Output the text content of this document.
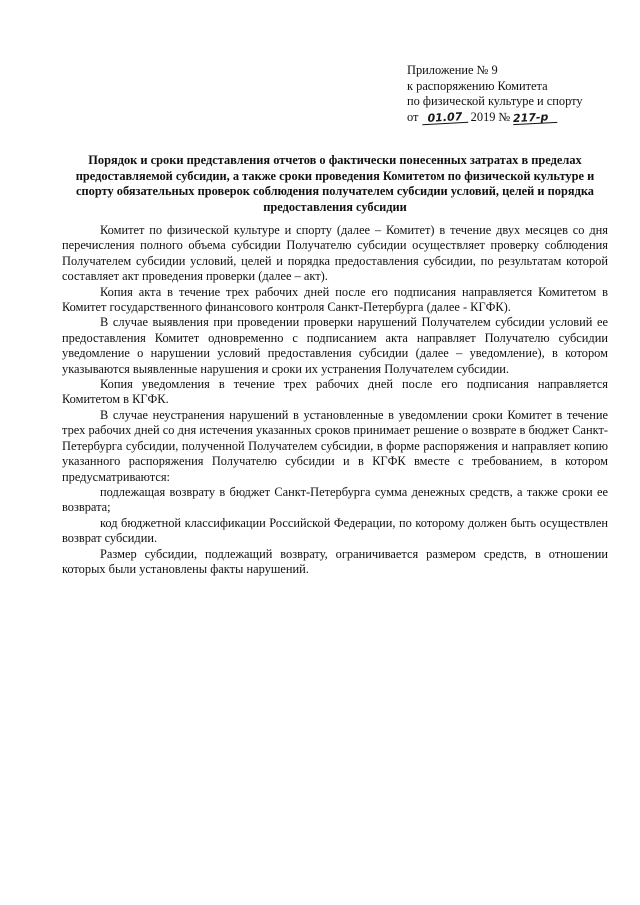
Приложение № 9
к распоряжению Комитета
по физической культуре и спорту
от 01.07 2019 № 217-р
Порядок и сроки представления отчетов о фактически понесенных затратах в пределах предоставляемой субсидии, а также сроки проведения Комитетом по физической культуре и спорту обязательных проверок соблюдения получателем субсидии условий, целей и порядка предоставления субсидии

Комитет по физической культуре и спорту (далее – Комитет) в течение двух месяцев со дня перечисления полного объема субсидии Получателю субсидии осуществляет проверку соблюдения Получателем субсидии условий, целей и порядка предоставления субсидии, по результатам которой составляет акт проведения проверки (далее – акт).

Копия акта в течение трех рабочих дней после его подписания направляется Комитетом в Комитет государственного финансового контроля Санкт-Петербурга (далее - КГФК).

В случае выявления при проведении проверки нарушений Получателем субсидии условий ее предоставления Комитет одновременно с подписанием акта направляет Получателю субсидии уведомление о нарушении условий предоставления субсидии (далее – уведомление), в котором указываются выявленные нарушения и сроки их устранения Получателем субсидии.

Копия уведомления в течение трех рабочих дней после его подписания направляется Комитетом в КГФК.

В случае неустранения нарушений в установленные в уведомлении сроки Комитет в течение трех рабочих дней со дня истечения указанных сроков принимает решение о возврате в бюджет Санкт-Петербурга субсидии, полученной Получателем субсидии, в форме распоряжения и направляет копию указанного распоряжения Получателю субсидии и в КГФК вместе с требованием, в котором предусматриваются:

подлежащая возврату в бюджет Санкт-Петербурга сумма денежных средств, а также сроки ее возврата;

код бюджетной классификации Российской Федерации, по которому должен быть осуществлен возврат субсидии.

Размер субсидии, подлежащий возврату, ограничивается размером средств, в отношении которых были установлены факты нарушений.
